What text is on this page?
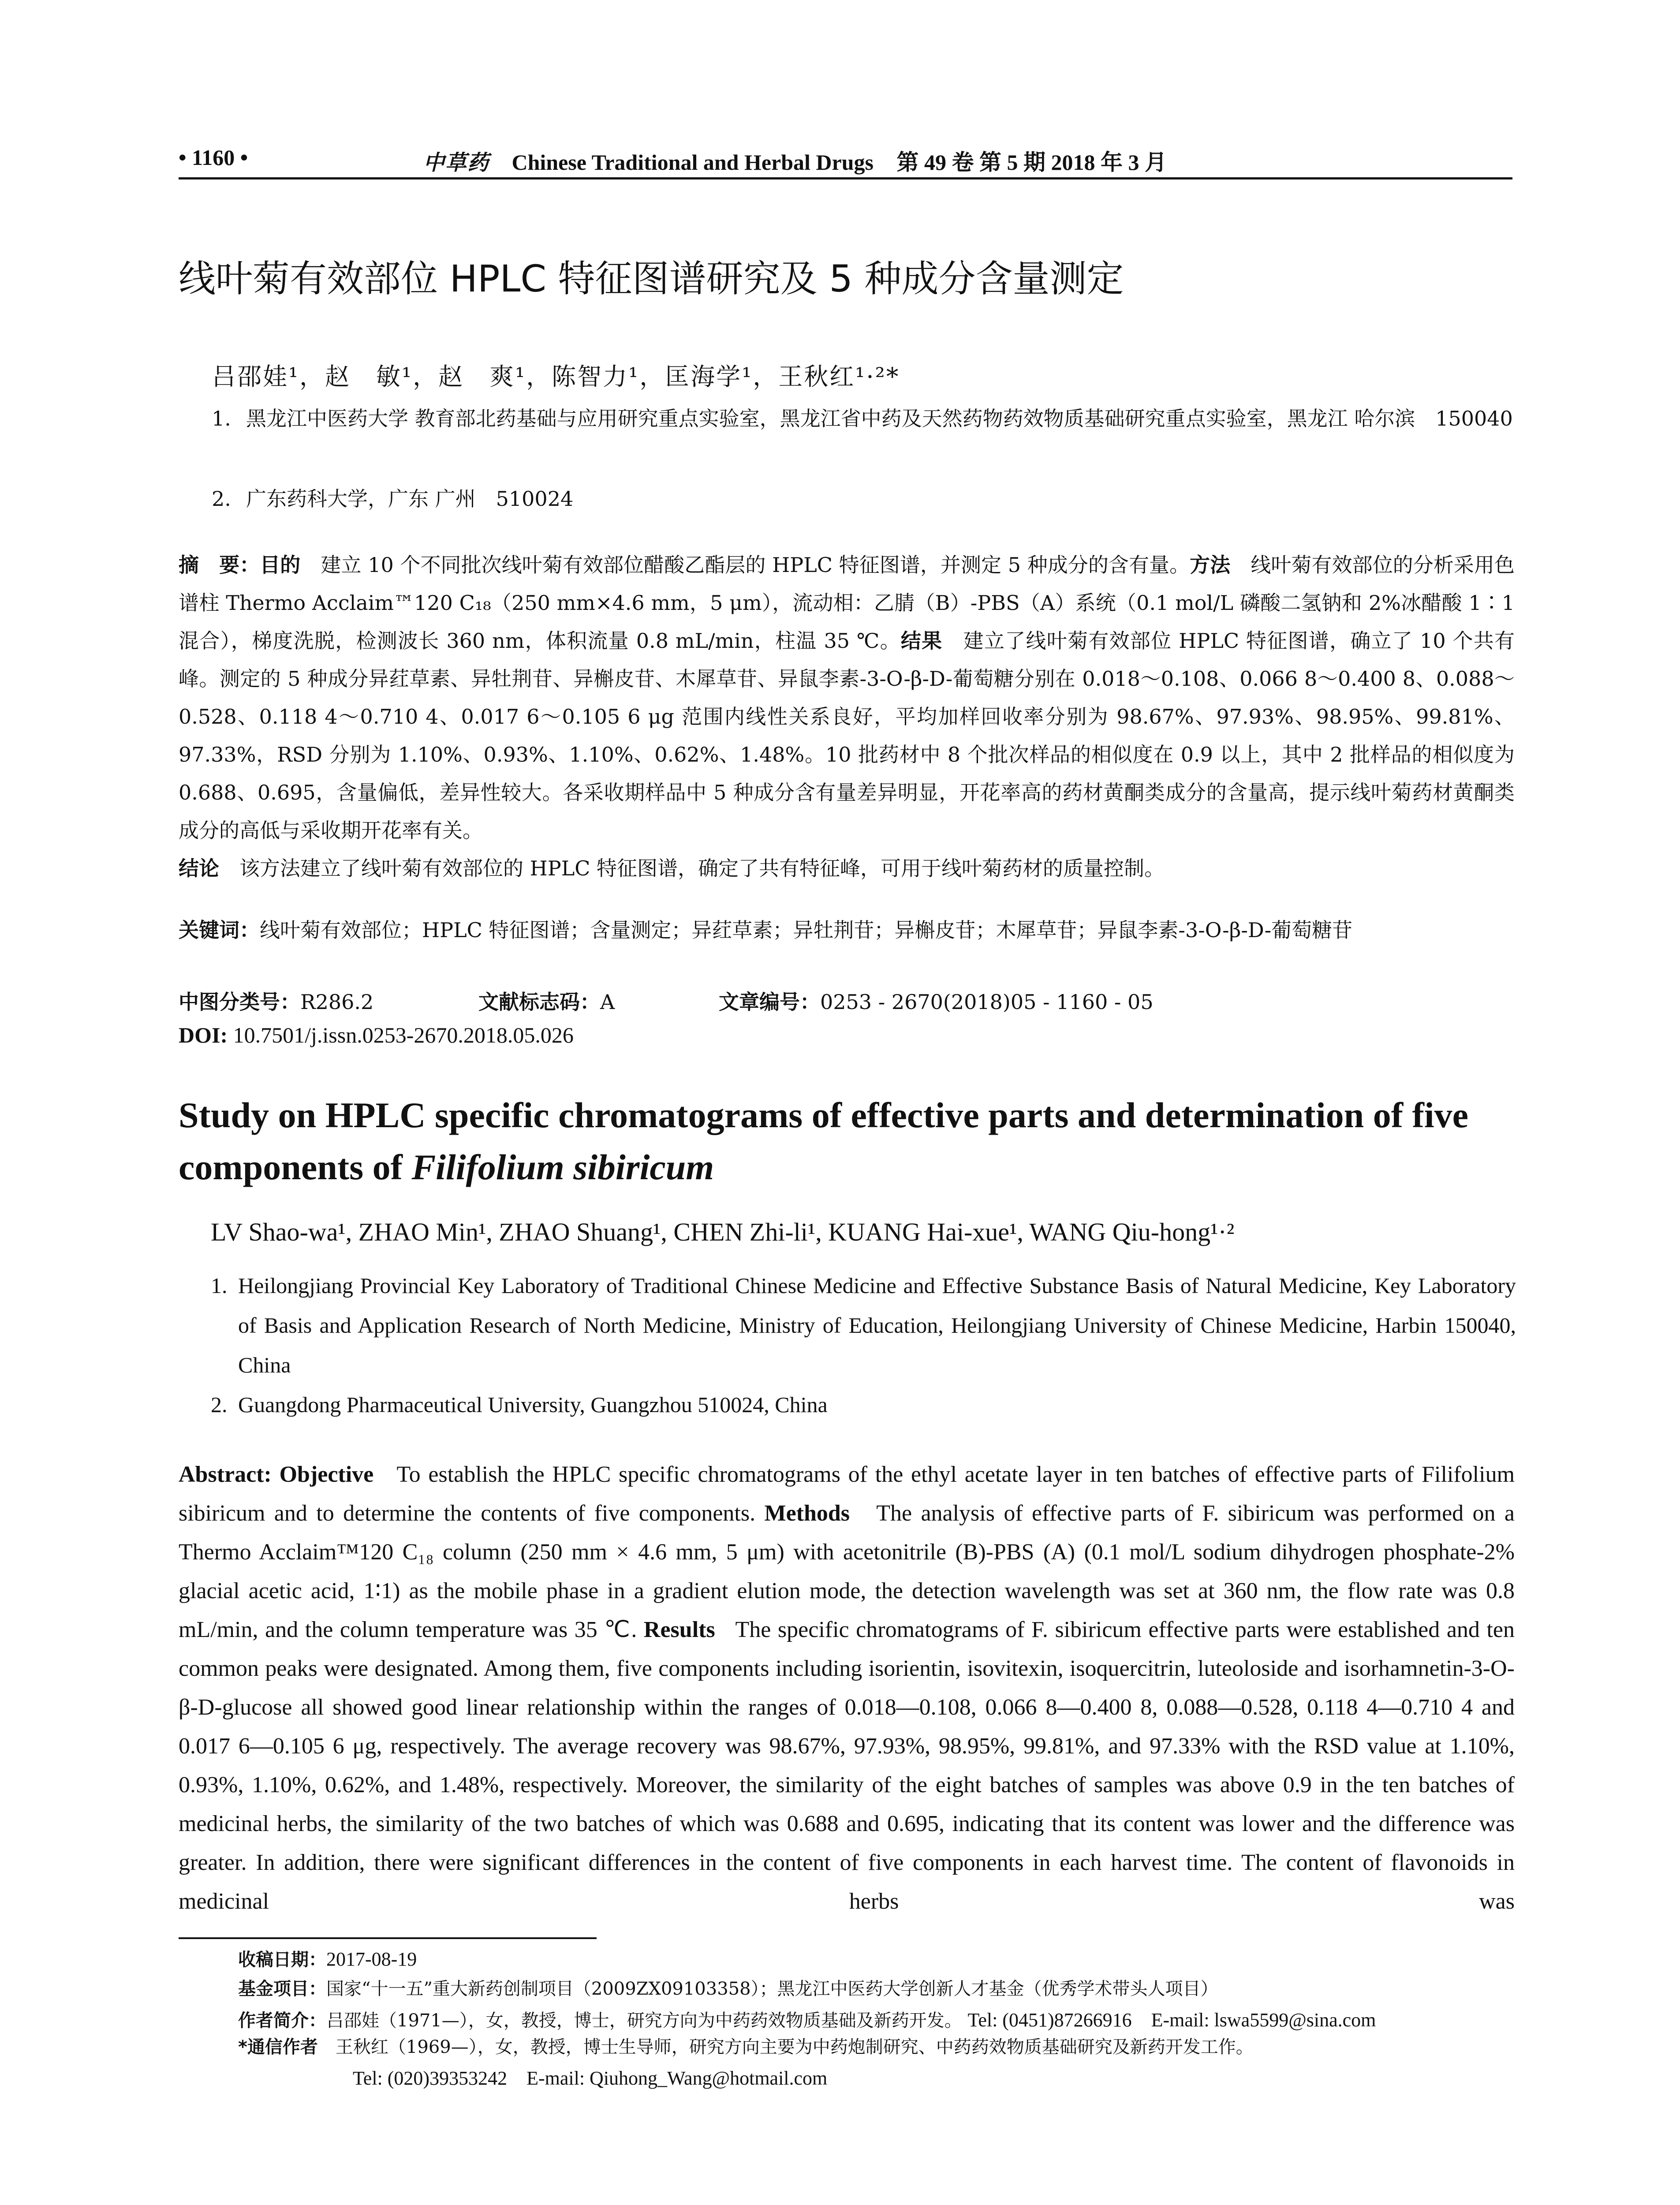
• 1160 •	中草药 Chinese Traditional and Herbal Drugs 第 49 卷 第 5 期 2018 年 3 月
线叶菊有效部位 HPLC 特征图谱研究及 5 种成分含量测定
吕邵娃¹，赵　敏¹，赵　爽¹，陈智力¹，匡海学¹，王秋红¹·²*
1. 黑龙江中医药大学 教育部北药基础与应用研究重点实验室，黑龙江省中药及天然药物药效物质基础研究重点实验室，黑龙江 哈尔滨　150040
2. 广东药科大学，广东 广州　510024

摘　要：目的　 建立 10 个不同批次线叶菊有效部位醋酸乙酯层的 HPLC 特征图谱，并测定 5 种成分的含有量。方法　 线叶菊有效部位的分析采用色谱柱 Thermo Acclaim™120 C₁₈（250 mm×4.6 mm，5 μm），流动相：乙腈（B）-PBS（A）系统（0.1 mol/L 磷酸二氢钠和 2%冰醋酸 1∶1 混合），梯度洗脱，检测波长 360 nm，体积流量 0.8 mL/min，柱温 35 ℃。结果　 建立了线叶菊有效部位 HPLC 特征图谱，确立了 10 个共有峰。测定的 5 种成分异荭草素、异牡荆苷、异槲皮苷、木犀草苷、异鼠李素-3-O-β-D-葡萄糖分别在 0.018～0.108、0.066 8～0.400 8、0.088～0.528、0.118 4～0.710 4、0.017 6～0.105 6 μg 范围内线性关系良好，平均加样回收率分别为 98.67%、97.93%、98.95%、99.81%、97.33%，RSD 分别为 1.10%、0.93%、1.10%、0.62%、1.48%。10 批药材中 8 个批次样品的相似度在 0.9 以上，其中 2 批样品的相似度为 0.688、0.695，含量偏低，差异性较大。各采收期样品中 5 种成分含有量差异明显，开花率高的药材黄酮类成分的含量高，提示线叶菊药材黄酮类成分的高低与采收期开花率有关。

结论　 该方法建立了线叶菊有效部位的 HPLC 特征图谱，确定了共有特征峰，可用于线叶菊药材的质量控制。

关键词：线叶菊有效部位；HPLC 特征图谱；含量测定；异荭草素；异牡荆苷；异槲皮苷；木犀草苷；异鼠李素-3-O-β-D-葡萄糖苷
中图分类号：R286.2	文献标志码：A	文章编号：0253 - 2670(2018)05 - 1160 - 05
DOI: 10.7501/j.issn.0253-2670.2018.05.026
Study on HPLC specific chromatograms of effective parts and determination of five components of Filifolium sibiricum
LV Shao-wa¹, ZHAO Min¹, ZHAO Shuang¹, CHEN Zhi-li¹, KUANG Hai-xue¹, WANG Qiu-hong¹·²
1. Heilongjiang Provincial Key Laboratory of Traditional Chinese Medicine and Effective Substance Basis of Natural Medicine, Key Laboratory of Basis and Application Research of North Medicine, Ministry of Education, Heilongjiang University of Chinese Medicine, Harbin 150040, China
2. Guangdong Pharmaceutical University, Guangzhou 510024, China
Abstract: Objective To establish the HPLC specific chromatograms of the ethyl acetate layer in ten batches of effective parts of Filifolium sibiricum and to determine the contents of five components. Methods The analysis of effective parts of F. sibiricum was performed on a Thermo Acclaim™120 C₁₈ column (250 mm × 4.6 mm, 5 μm) with acetonitrile (B)-PBS (A) (0.1 mol/L sodium dihydrogen phosphate-2% glacial acetic acid, 1∶1) as the mobile phase in a gradient elution mode, the detection wavelength was set at 360 nm, the flow rate was 0.8 mL/min, and the column temperature was 35 ℃. Results The specific chromatograms of F. sibiricum effective parts were established and ten common peaks were designated. Among them, five components including isorientin, isovitexin, isoquercitrin, luteoloside and isorhamnetin-3-O-β-D-glucose all showed good linear relationship within the ranges of 0.018—0.108, 0.066 8—0.400 8, 0.088—0.528, 0.118 4—0.710 4 and 0.017 6—0.105 6 μg, respectively. The average recovery was 98.67%, 97.93%, 98.95%, 99.81%, and 97.33% with the RSD value at 1.10%, 0.93%, 1.10%, 0.62%, and 1.48%, respectively. Moreover, the similarity of the eight batches of samples was above 0.9 in the ten batches of medicinal herbs, the similarity of the two batches of which was 0.688 and 0.695, indicating that its content was lower and the difference was greater. In addition, there were significant differences in the content of five components in each harvest time. The content of flavonoids in medicinal herbs was
收稿日期：2017-08-19
基金项目：国家“十一五”重大新药创制项目（2009ZX09103358）；黑龙江中医药大学创新人才基金（优秀学术带头人项目）
作者简介：吕邵娃（1971—），女，教授，博士，研究方向为中药药效物质基础及新药开发。 Tel: (0451)87266916　E-mail: lswa5599@sina.com
*通信作者　 王秋红（1969—），女，教授，博士生导师，研究方向主要为中药炮制研究、中药药效物质基础研究及新药开发工作。
Tel: (020)39353242　E-mail: Qiuhong_Wang@hotmail.com
